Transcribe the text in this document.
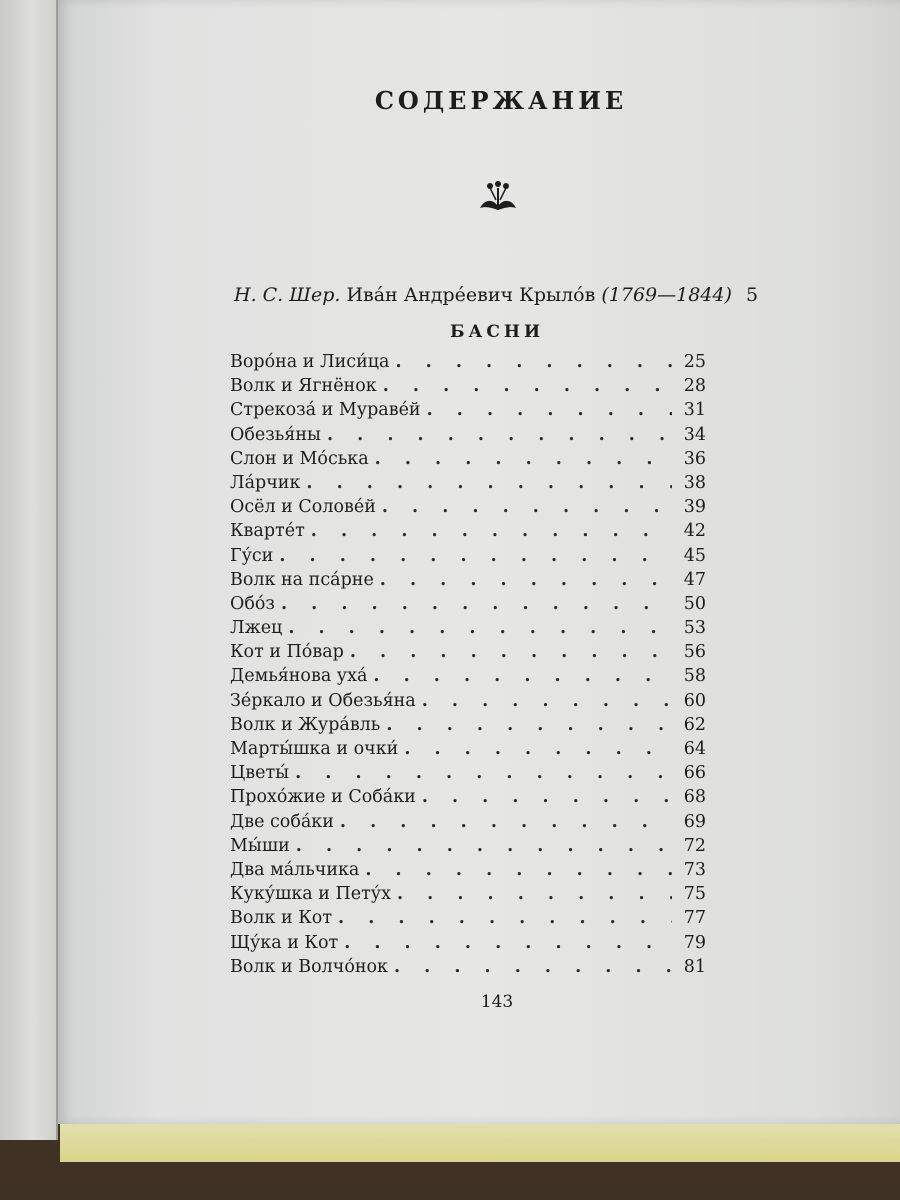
СОДЕРЖАНИЕ
Н. С. Шер. Ива́н Андре́евич Крыло́в (1769—1844) 5
БАСНИ
Воро́на и Лиси́ца . . .	25
Волк и Ягнёнок . . .	28
Стрекоза́ и Мураве́й . . .	31
Обезья́ны . . .	34
Слон и Мо́ська . . .	36
Ла́рчик . . .	38
Осёл и Солове́й . . .	39
Кварте́т . . .	42
Гу́си . . .	45
Волк на пса́рне . . .	47
Обо́з . . .	50
Лжец . . .	53
Кот и По́вар . . .	56
Демья́нова уха́ . . .	58
Зе́ркало и Обезья́на . . .	60
Волк и Жура́вль . . .	62
Марты́шка и очки́ . . .	64
Цветы́ . . .	66
Прохо́жие и Соба́ки . . .	68
Две соба́ки . . .	69
Мы́ши . . .	72
Два ма́льчика . . .	73
Куку́шка и Пету́х . . .	75
Волк и Кот . . .	77
Щу́ка и Кот . . .	79
Волк и Волчо́нок . . .	81
143
